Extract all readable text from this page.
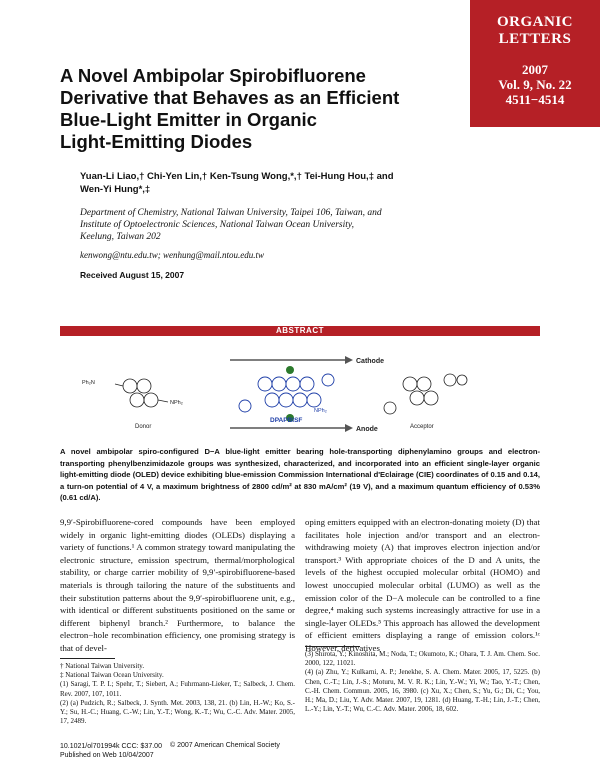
ORGANIC
LETTERS
2007
Vol. 9, No. 22
4511−4514
A Novel Ambipolar Spirobifluorene
Derivative that Behaves as an Efficient
Blue-Light Emitter in Organic
Light-Emitting Diodes
Yuan-Li Liao,† Chi-Yen Lin,† Ken-Tsung Wong,*,† Tei-Hung Hou,‡ and
Wen-Yi Hung*,‡
Department of Chemistry, National Taiwan University, Taipei 106, Taiwan, and
Institute of Optoelectronic Sciences, National Taiwan Ocean University,
Keelung, Taiwan 202
kenwong@ntu.edu.tw; wenhung@mail.ntou.edu.tw
Received August 15, 2007
ABSTRACT
Cathode
Anode
Ph₂N
NPh₂
Donor
NPh₂
DPAPBISF
Acceptor
A novel ambipolar spiro-configured D−A blue-light emitter bearing hole-transporting diphenylamino groups and electron-transporting phenylbenzimidazole groups was synthesized, characterized, and incorporated into an efficient single-layer organic light-emitting diode (OLED) device exhibiting blue-emission Commission International d'Eclairage (CIE) coordinates of 0.15 and 0.14, a turn-on potential of 4 V, a maximum brightness of 2800 cd/m² at 830 mA/cm² (19 V), and a maximum quantum efficiency of 0.53% (0.61 cd/A).
9,9′-Spirobifluorene-cored compounds have been employed widely in organic light-emitting diodes (OLEDs) displaying a variety of functions.¹ A common strategy toward manipulating the electronic structure, emission spectrum, thermal/morphological stability, or charge carrier mobility of 9,9′-spirobifluorene-based materials is through tailoring the nature of the substituents and their substitution patterns about the 9,9′-spirobifluorene unit, e.g., with identical or different substituents positioned on the same or different biphenyl branch.² Furthermore, to balance the electron−hole recombination efficiency, one promising strategy is that of devel-
oping emitters equipped with an electron-donating moiety (D) that facilitates hole injection and/or transport and an electron-withdrawing moiety (A) that improves electron injection and/or transport.³ With appropriate choices of the D and A units, the levels of the highest occupied molecular orbital (HOMO) and lowest unoccupied molecular orbital (LUMO) as well as the emission color of the D−A molecule can be controlled to a fine degree,⁴ making such systems increasingly attractive for use in a single-layer OLEDs.⁵ This approach has allowed the development of efficient emitters displaying a range of emission colors.¹ᶜ However, derivatives
† National Taiwan University.
‡ National Taiwan Ocean University.
(1) Saragi, T. P. I.; Spehr, T.; Siebert, A.; Fuhrmann-Lieker, T.; Salbeck, J. Chem. Rev. 2007, 107, 1011.
(2) (a) Pudzich, R.; Salbeck, J. Synth. Met. 2003, 138, 21. (b) Lin, H.-W.; Ko, S.-Y.; Su, H.-C.; Huang, C.-W.; Lin, Y.-T.; Wong, K.-T.; Wu, C.-C. Adv. Mater. 2005, 17, 2489.
(3) Shirota, Y.; Kinoshita, M.; Noda, T.; Okumoto, K.; Ohara, T. J. Am. Chem. Soc. 2000, 122, 11021.
(4) (a) Zhu, Y.; Kulkarni, A. P.; Jenekhe, S. A. Chem. Mater. 2005, 17, 5225. (b) Chen, C.-T.; Lin, J.-S.; Moturu, M. V. R. K.; Lin, Y.-W.; Yi, W.; Tao, Y.-T.; Chen, C.-H. Chem. Commun. 2005, 16, 3980. (c) Xu, X.; Chen, S.; Yu, G.; Di, C.; You, H.; Ma, D.; Liu, Y. Adv. Mater. 2007, 19, 1281. (d) Huang, T.-H.; Lin, J.-T.; Chen, L.-Y.; Lin, Y.-T.; Wu, C.-C. Adv. Mater. 2006, 18, 602.
10.1021/ol701994k CCC: $37.00
Published on Web 10/04/2007
© 2007 American Chemical Society
